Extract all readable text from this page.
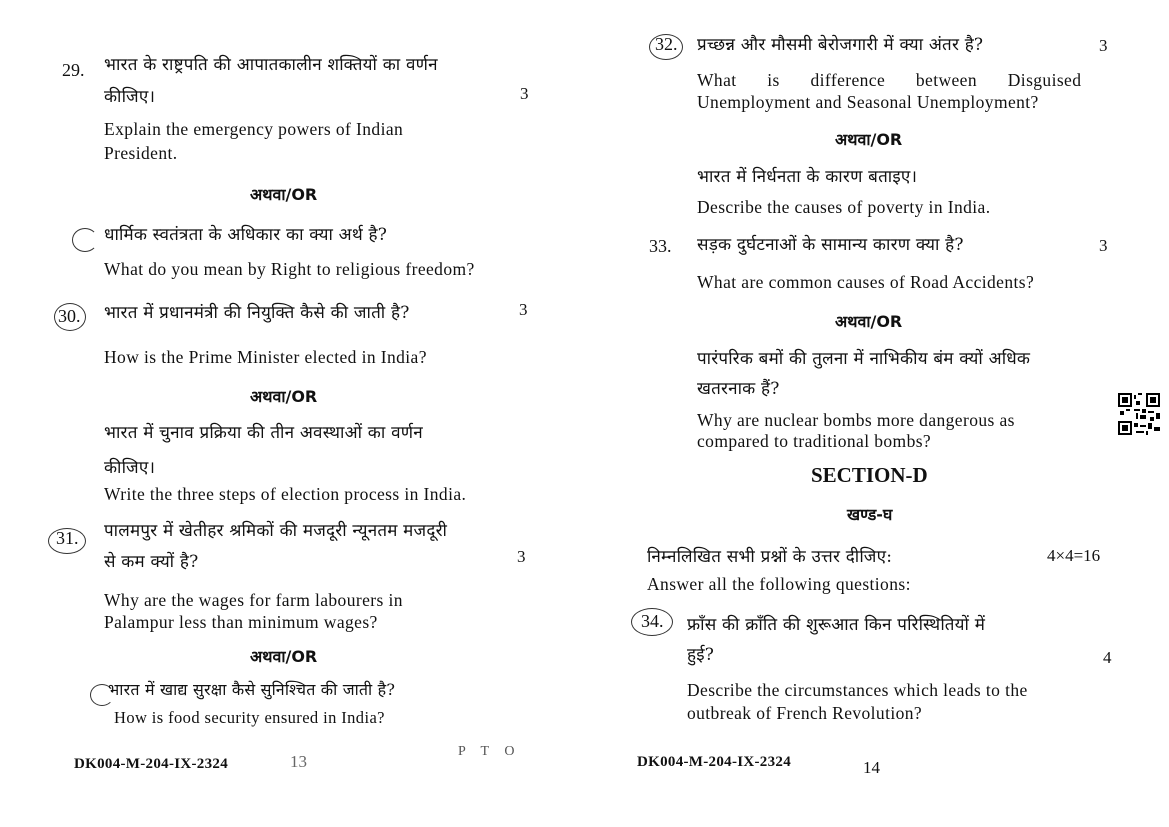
29. भारत के राष्ट्रपति की आपातकालीन शक्तियों का वर्णन
कीजिए।	3
Explain the emergency powers of Indian
President.
अथवा/OR
धार्मिक स्वतंत्रता के अधिकार का क्या अर्थ है?
What do you mean by Right to religious freedom?
30. भारत में प्रधानमंत्री की नियुक्ति कैसे की जाती है?	3
How is the Prime Minister elected in India?
अथवा/OR
भारत में चुनाव प्रक्रिया की तीन अवस्थाओं का वर्णन
कीजिए।
Write the three steps of election process in India.
31. पालमपुर में खेतीहर श्रमिकों की मजदूरी न्यूनतम मजदूरी
से कम क्यों है?	3
Why are the wages for farm labourers in
Palampur less than minimum wages?
अथवा/OR
भारत में खाद्य सुरक्षा कैसे सुनिश्चित की जाती है?
How is food security ensured in India?
DK004-M-204-IX-2324	13
P T O
32. प्रच्छन्न और मौसमी बेरोजगारी में क्या अंतर है?	3
What is difference between Disguised
Unemployment and Seasonal Unemployment?
अथवा/OR
भारत में निर्धनता के कारण बताइए।
Describe the causes of poverty in India.
33. सड़क दुर्घटनाओं के सामान्य कारण क्या है?	3
What are common causes of Road Accidents?
अथवा/OR
पारंपरिक बमों की तुलना में नाभिकीय बंम क्यों अधिक
खतरनाक हैं?
Why are nuclear bombs more dangerous as
compared to traditional bombs?
SECTION-D
खण्ड-घ
निम्नलिखित सभी प्रश्नों के उत्तर दीजिए:	4×4=16
Answer all the following questions:
34. फ्राँस की क्राँति की शुरूआत किन परिस्थितियों में
हुई?	4
Describe the circumstances which leads to the
outbreak of French Revolution?
DK004-M-204-IX-2324	14
